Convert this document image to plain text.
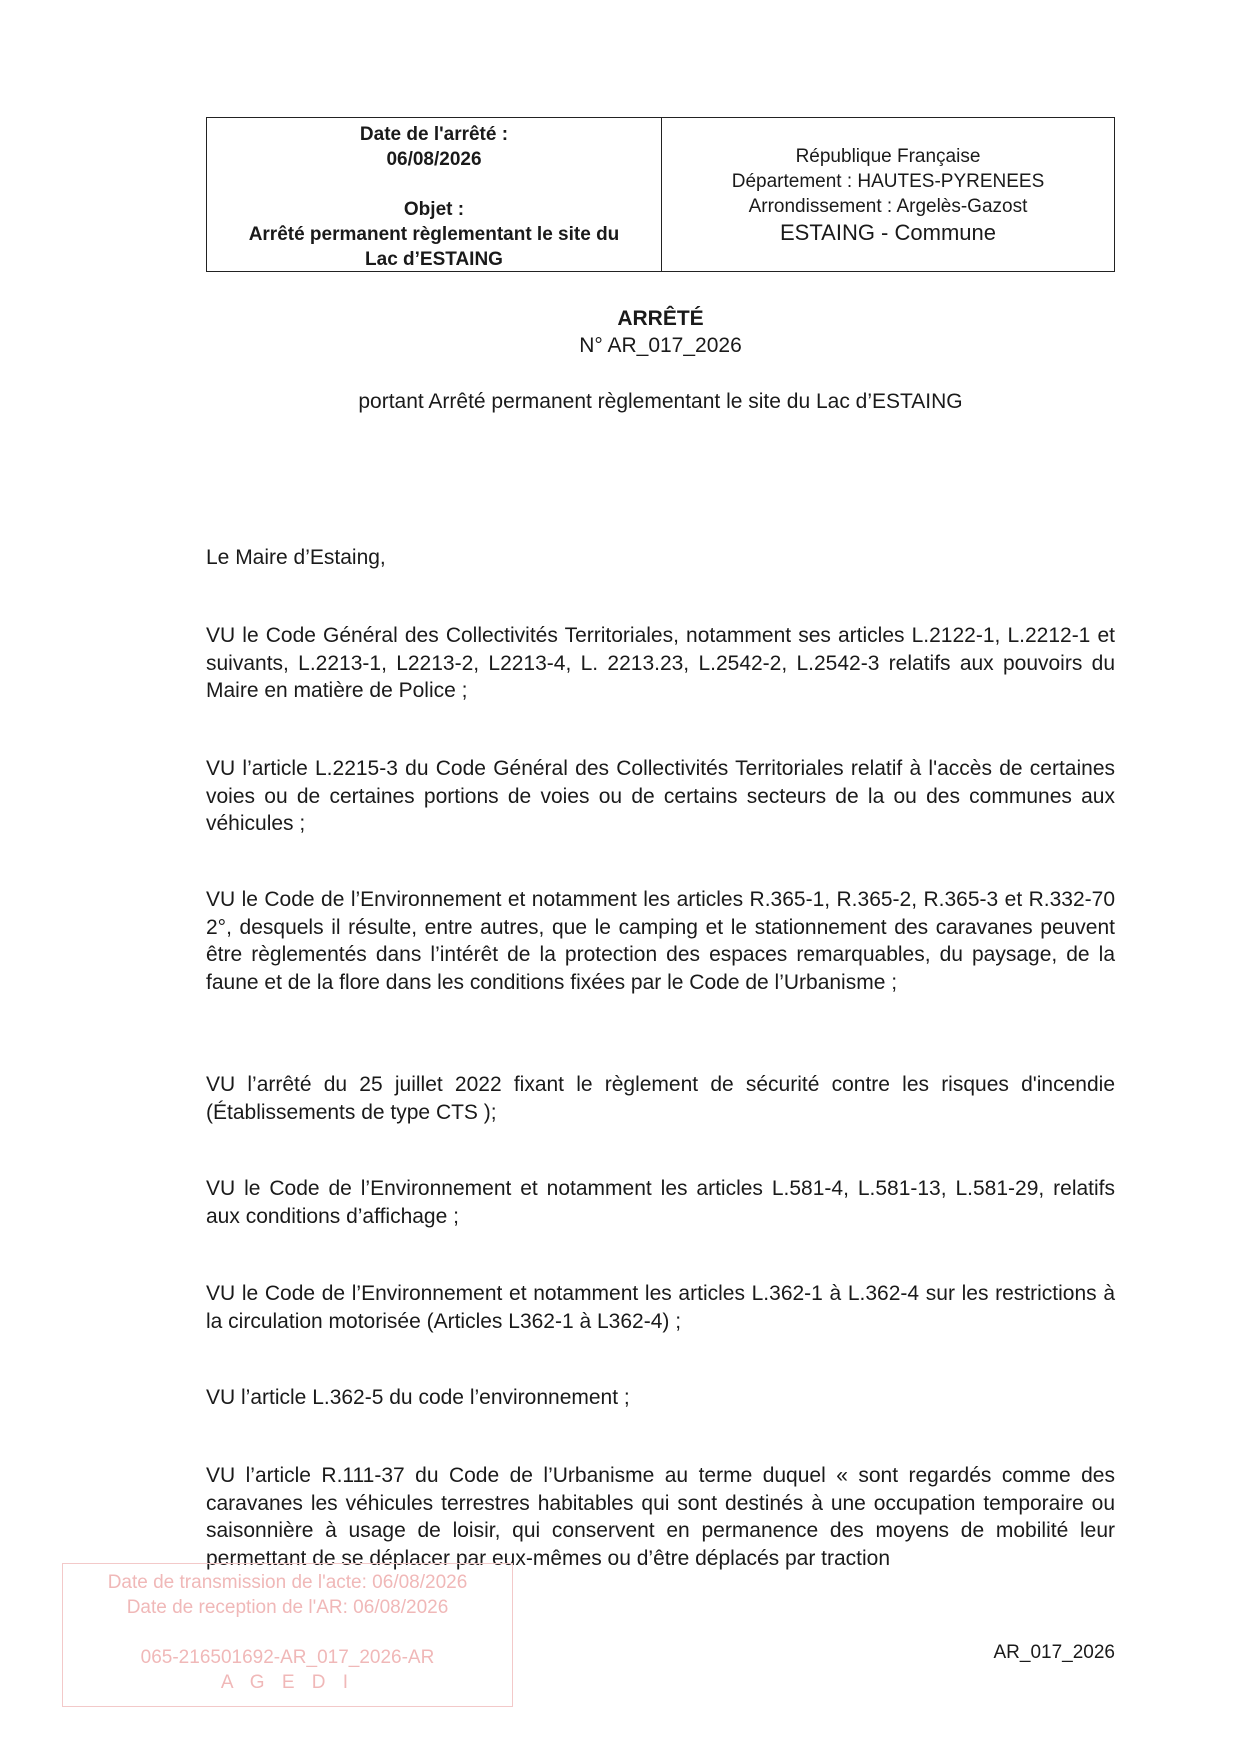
Date de l'arrêté :
06/08/2026
Objet :
Arrêté permanent règlementant le site du
Lac d’ESTAING
République Française
Département : HAUTES-PYRENEES
Arrondissement : Argelès-Gazost
ESTAING - Commune
ARRÊTÉ
N° AR_017_2026
portant Arrêté permanent règlementant le site du Lac d’ESTAING

Le Maire d’Estaing,

VU le Code Général des Collectivités Territoriales, notamment ses articles L.2122-1, L.2212-1 et suivants, L.2213-1, L2213-2, L2213-4, L. 2213.23, L.2542-2, L.2542-3 relatifs aux pouvoirs du Maire en matière de Police ;

VU l’article L.2215-3 du Code Général des Collectivités Territoriales relatif à l'accès de certaines voies ou de certaines portions de voies ou de certains secteurs de la ou des communes aux véhicules ;

VU le Code de l’Environnement et notamment les articles R.365-1, R.365-2, R.365-3 et R.332-70 2°, desquels il résulte, entre autres, que le camping et le stationnement des caravanes peuvent être règlementés dans l’intérêt de la protection des espaces remarquables, du paysage, de la faune et de la flore dans les conditions fixées par le Code de l’Urbanisme ;

VU l’arrêté du 25 juillet 2022 fixant le règlement de sécurité contre les risques d'incendie (Établissements de type CTS );

VU le Code de l’Environnement et notamment les articles L.581-4, L.581-13, L.581-29, relatifs aux conditions d’affichage ;

VU le Code de l’Environnement et notamment les articles L.362-1 à L.362-4 sur les restrictions à la circulation motorisée (Articles L362-1 à L362-4) ;

VU l’article L.362-5 du code l’environnement ;

VU l’article R.111-37 du Code de l’Urbanisme au terme duquel « sont regardés comme des caravanes les véhicules terrestres habitables qui sont destinés à une occupation temporaire ou saisonnière à usage de loisir, qui conservent en permanence des moyens de mobilité leur permettant de se déplacer par eux-mêmes ou d’être déplacés par traction

Date de transmission de l'acte: 06/08/2026
Date de reception de l'AR: 06/08/2026
065-216501692-AR_017_2026-AR
A G E D I
AR_017_2026
